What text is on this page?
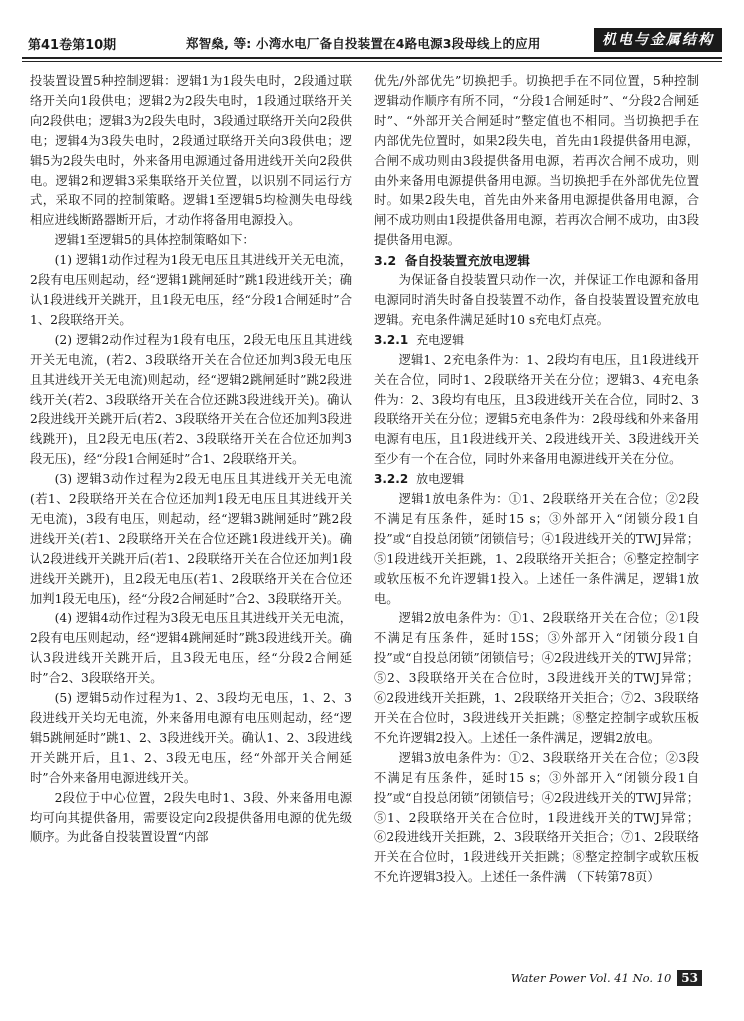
第41卷第10期	郑智燊, 等: 小湾水电厂备自投装置在4路电源3段母线上的应用	机电与金属结构

投装置设置5种控制逻辑：逻辑1为1段失电时，2段通过联络开关向1段供电；逻辑2为2段失电时，1段通过联络开关向2段供电；逻辑3为2段失电时，3段通过联络开关向2段供电；逻辑4为3段失电时，2段通过联络开关向3段供电；逻辑5为2段失电时，外来备用电源通过备用进线开关向2段供电。逻辑2和逻辑3采集联络开关位置，以识别不同运行方式，采取不同的控制策略。逻辑1至逻辑5均检测失电母线相应进线断路器断开后，才动作将备用电源投入。

逻辑1至逻辑5的具体控制策略如下：

(1) 逻辑1动作过程为1段无电压且其进线开关无电流，2段有电压则起动，经“逻辑1跳闸延时”跳1段进线开关；确认1段进线开关跳开，且1段无电压，经“分段1合闸延时”合1、2段联络开关。

(2) 逻辑2动作过程为1段有电压，2段无电压且其进线开关无电流，(若2、3段联络开关在合位还加判3段无电压且其进线开关无电流)则起动，经“逻辑2跳闸延时”跳2段进线开关(若2、3段联络开关在合位还跳3段进线开关)。确认2段进线开关跳开后(若2、3段联络开关在合位还加判3段进线跳开)，且2段无电压(若2、3段联络开关在合位还加判3段无压)，经“分段1合闸延时”合1、2段联络开关。

(3) 逻辑3动作过程为2段无电压且其进线开关无电流(若1、2段联络开关在合位还加判1段无电压且其进线开关无电流)，3段有电压，则起动，经“逻辑3跳闸延时”跳2段进线开关(若1、2段联络开关在合位还跳1段进线开关)。确认2段进线开关跳开后(若1、2段联络开关在合位还加判1段进线开关跳开)，且2段无电压(若1、2段联络开关在合位还加判1段无电压)，经“分段2合闸延时”合2、3段联络开关。

(4) 逻辑4动作过程为3段无电压且其进线开关无电流，2段有电压则起动，经“逻辑4跳闸延时”跳3段进线开关。确认3段进线开关跳开后，且3段无电压，经“分段2合闸延时”合2、3段联络开关。

(5) 逻辑5动作过程为1、2、3段均无电压，1、2、3段进线开关均无电流，外来备用电源有电压则起动，经“逻辑5跳闸延时”跳1、2、3段进线开关。确认1、2、3段进线开关跳开后，且1、2、3段无电压，经“外部开关合闸延时”合外来备用电源进线开关。

2段位于中心位置，2段失电时1、3段、外来备用电源均可向其提供备用，需要设定向2段提供备用电源的优先级顺序。为此备自投装置设置“内部

优先/外部优先”切换把手。切换把手在不同位置，5种控制逻辑动作顺序有所不同，“分段1合闸延时”、“分段2合闸延时”、“外部开关合闸延时”整定值也不相同。当切换把手在内部优先位置时，如果2段失电，首先由1段提供备用电源，合闸不成功则由3段提供备用电源，若再次合闸不成功，则由外来备用电源提供备用电源。当切换把手在外部优先位置时。如果2段失电，首先由外来备用电源提供备用电源，合闸不成功则由1段提供备用电源，若再次合闸不成功，由3段提供备用电源。

3.2 备自投装置充放电逻辑

为保证备自投装置只动作一次，并保证工作电源和备用电源同时消失时备自投装置不动作，备自投装置设置充放电逻辑。充电条件满足延时10 s充电灯点亮。

3.2.1 充电逻辑

逻辑1、2充电条件为：1、2段均有电压，且1段进线开关在合位，同时1、2段联络开关在分位；逻辑3、4充电条件为：2、3段均有电压，且3段进线开关在合位，同时2、3段联络开关在分位；逻辑5充电条件为：2段母线和外来备用电源有电压，且1段进线开关、2段进线开关、3段进线开关至少有一个在合位，同时外来备用电源进线开关在分位。

3.2.2 放电逻辑

逻辑1放电条件为：①1、2段联络开关在合位；②2段不满足有压条件，延时15 s；③外部开入“闭锁分段1自投”或“自投总闭锁”闭锁信号；④1段进线开关的TWJ异常；⑤1段进线开关拒跳，1、2段联络开关拒合；⑥整定控制字或软压板不允许逻辑1投入。上述任一条件满足，逻辑1放电。

逻辑2放电条件为：①1、2段联络开关在合位；②1段不满足有压条件，延时15S；③外部开入“闭锁分段1自投”或“自投总闭锁”闭锁信号；④2段进线开关的TWJ异常；⑤2、3段联络开关在合位时，3段进线开关的TWJ异常；⑥2段进线开关拒跳，1、2段联络开关拒合；⑦2、3段联络开关在合位时，3段进线开关拒跳；⑧整定控制字或软压板不允许逻辑2投入。上述任一条件满足，逻辑2放电。

逻辑3放电条件为：①2、3段联络开关在合位；②3段不满足有压条件，延时15 s；③外部开入“闭锁分段1自投”或“自投总闭锁”闭锁信号；④2段进线开关的TWJ异常；⑤1、2段联络开关在合位时，1段进线开关的TWJ异常；⑥2段进线开关拒跳，2、3段联络开关拒合；⑦1、2段联络开关在合位时，1段进线开关拒跳；⑧整定控制字或软压板不允许逻辑3投入。上述任一条件满 （下转第78页）

Water Power Vol. 41 No. 10 53
